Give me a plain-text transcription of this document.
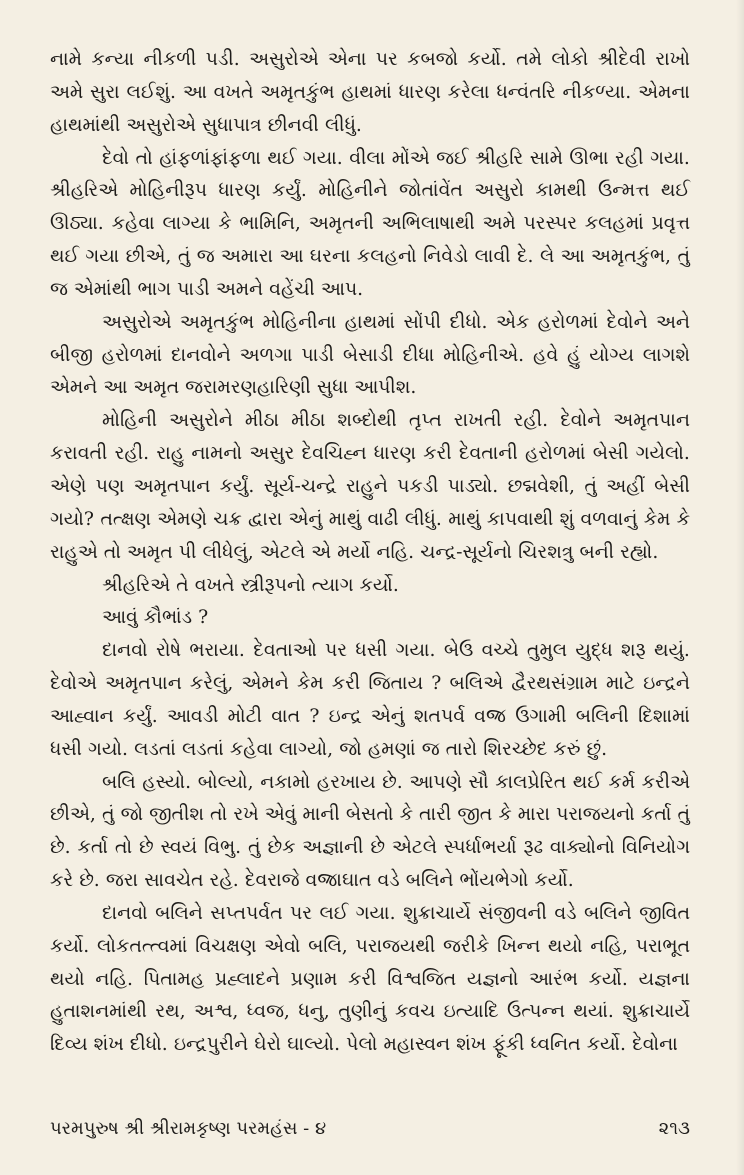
નામે કન્યા નીકળી પડી. અસુરોએ એના પર કબજો કર્યો. તમે લોકો શ્રીદેવી રાખો અમે સુરા લઈશું. આ વખતે અમૃતકુંભ હાથમાં ધારણ કરેલા ધન્વંતરિ નીકળ્યા. એમના હાથમાંથી અસુરોએ સુધાપાત્ર છીનવી લીધું.

દેવો તો હાંફળાંફાંફળા થઈ ગયા. વીલા મોંએ જઈ શ્રીહરિ સામે ઊભા રહી ગયા. શ્રીહરિએ મોહિનીરૂપ ધારણ કર્યું. મોહિનીને જોતાંવેંત અસુરો કામથી ઉન્મત્ત થઈ ઊઠ્યા. કહેવા લાગ્યા કે ભામિનિ, અમૃતની અભિલાષાથી અમે પરસ્પર કલહમાં પ્રવૃત્ત થઈ ગયા છીએ, તું જ અમારા આ ઘરના કલહનો નિવેડો લાવી દે. લે આ અમૃતકુંભ, તું જ એમાંથી ભાગ પાડી અમને વહેંચી આપ.

અસુરોએ અમૃતકુંભ મોહિનીના હાથમાં સોંપી દીધો. એક હરોળમાં દેવોને અને બીજી હરોળમાં દાનવોને અળગા પાડી બેસાડી દીધા મોહિનીએ. હવે હું યોગ્ય લાગશે એમને આ અમૃત જરામરણહારિણી સુધા આપીશ.

મોહિની અસુરોને મીઠા મીઠા શબ્દોથી તૃપ્ત રાખતી રહી. દેવોને અમૃતપાન કરાવતી રહી. રાહુ નામનો અસુર દેવચિહ્ન ધારણ કરી દેવતાની હરોળમાં બેસી ગયેલો. એણે પણ અમૃતપાન કર્યું. સૂર્ય-ચન્દ્રે રાહુને પકડી પાડ્યો. છદ્મવેશી, તું અહીં બેસી ગયો? તત્ક્ષણ એમણે ચક્ર દ્વારા એનું માથું વાઢી લીધું. માથું કાપવાથી શું વળવાનું કેમ કે રાહુએ તો અમૃત પી લીધેલું, એટલે એ મર્યો નહિ. ચન્દ્ર-સૂર્યનો ચિરશત્રુ બની રહ્યો.

શ્રીહરિએ તે વખતે સ્ત્રીરૂપનો ત્યાગ કર્યો.

આવું કૌભાંડ ?

દાનવો રોષે ભરાયા. દેવતાઓ પર ધસી ગયા. બેઉ વચ્ચે તુમુલ યુદ્ધ શરૂ થયું. દેવોએ અમૃતપાન કરેલું, એમને કેમ કરી જિતાય ? બલિએ દ્વૈરથસંગ્રામ માટે ઇન્દ્રને આહ્વાન કર્યું. આવડી મોટી વાત ? ઇન્દ્ર એનું શતપર્વ વજ્ર ઉગામી બલિની દિશામાં ધસી ગયો. લડતાં લડતાં કહેવા લાગ્યો, જો હમણાં જ તારો શિરચ્છેદ કરું છું.

બલિ હસ્યો. બોલ્યો, નકામો હરખાય છે. આપણે સૌ કાલપ્રેરિત થઈ કર્મ કરીએ છીએ, તું જો જીતીશ તો રખે એવું માની બેસતો કે તારી જીત કે મારા પરાજયનો કર્તા તું છે. કર્તા તો છે સ્વયં વિભુ. તું છેક અજ્ઞાની છે એટલે સ્પર્ધાભર્યા રૂઢ વાક્યોનો વિનિયોગ કરે છે. જરા સાવચેત રહે. દેવરાજે વજ્રાઘાત વડે બલિને ભોંયભેગો કર્યો.

દાનવો બલિને સપ્તપર્વત પર લઈ ગયા. શુક્રાચાર્યે સંજીવની વડે બલિને જીવિત કર્યો. લોકતત્ત્વમાં વિચક્ષણ એવો બલિ, પરાજયથી જરીકે ખિન્ન થયો નહિ, પરાભૂત થયો નહિ. પિતામહ પ્રહ્લાદને પ્રણામ કરી વિશ્વજિત યજ્ઞનો આરંભ કર્યો. યજ્ઞના હુતાશનમાંથી રથ, અશ્વ, ધ્વજ, ધનુ, તુણીનું કવચ ઇત્યાદિ ઉત્પન્ન થયાં. શુક્રાચાર્યે દિવ્ય શંખ દીધો. ઇન્દ્રપુરીને ઘેરો ઘાલ્યો. પેલો મહાસ્વન શંખ ફૂંકી ધ્વનિત કર્યો. દેવોના

પરમપુરુષ શ્રી શ્રીરામકૃષ્ણ પરમહંસ - ૪	૨૧૩
